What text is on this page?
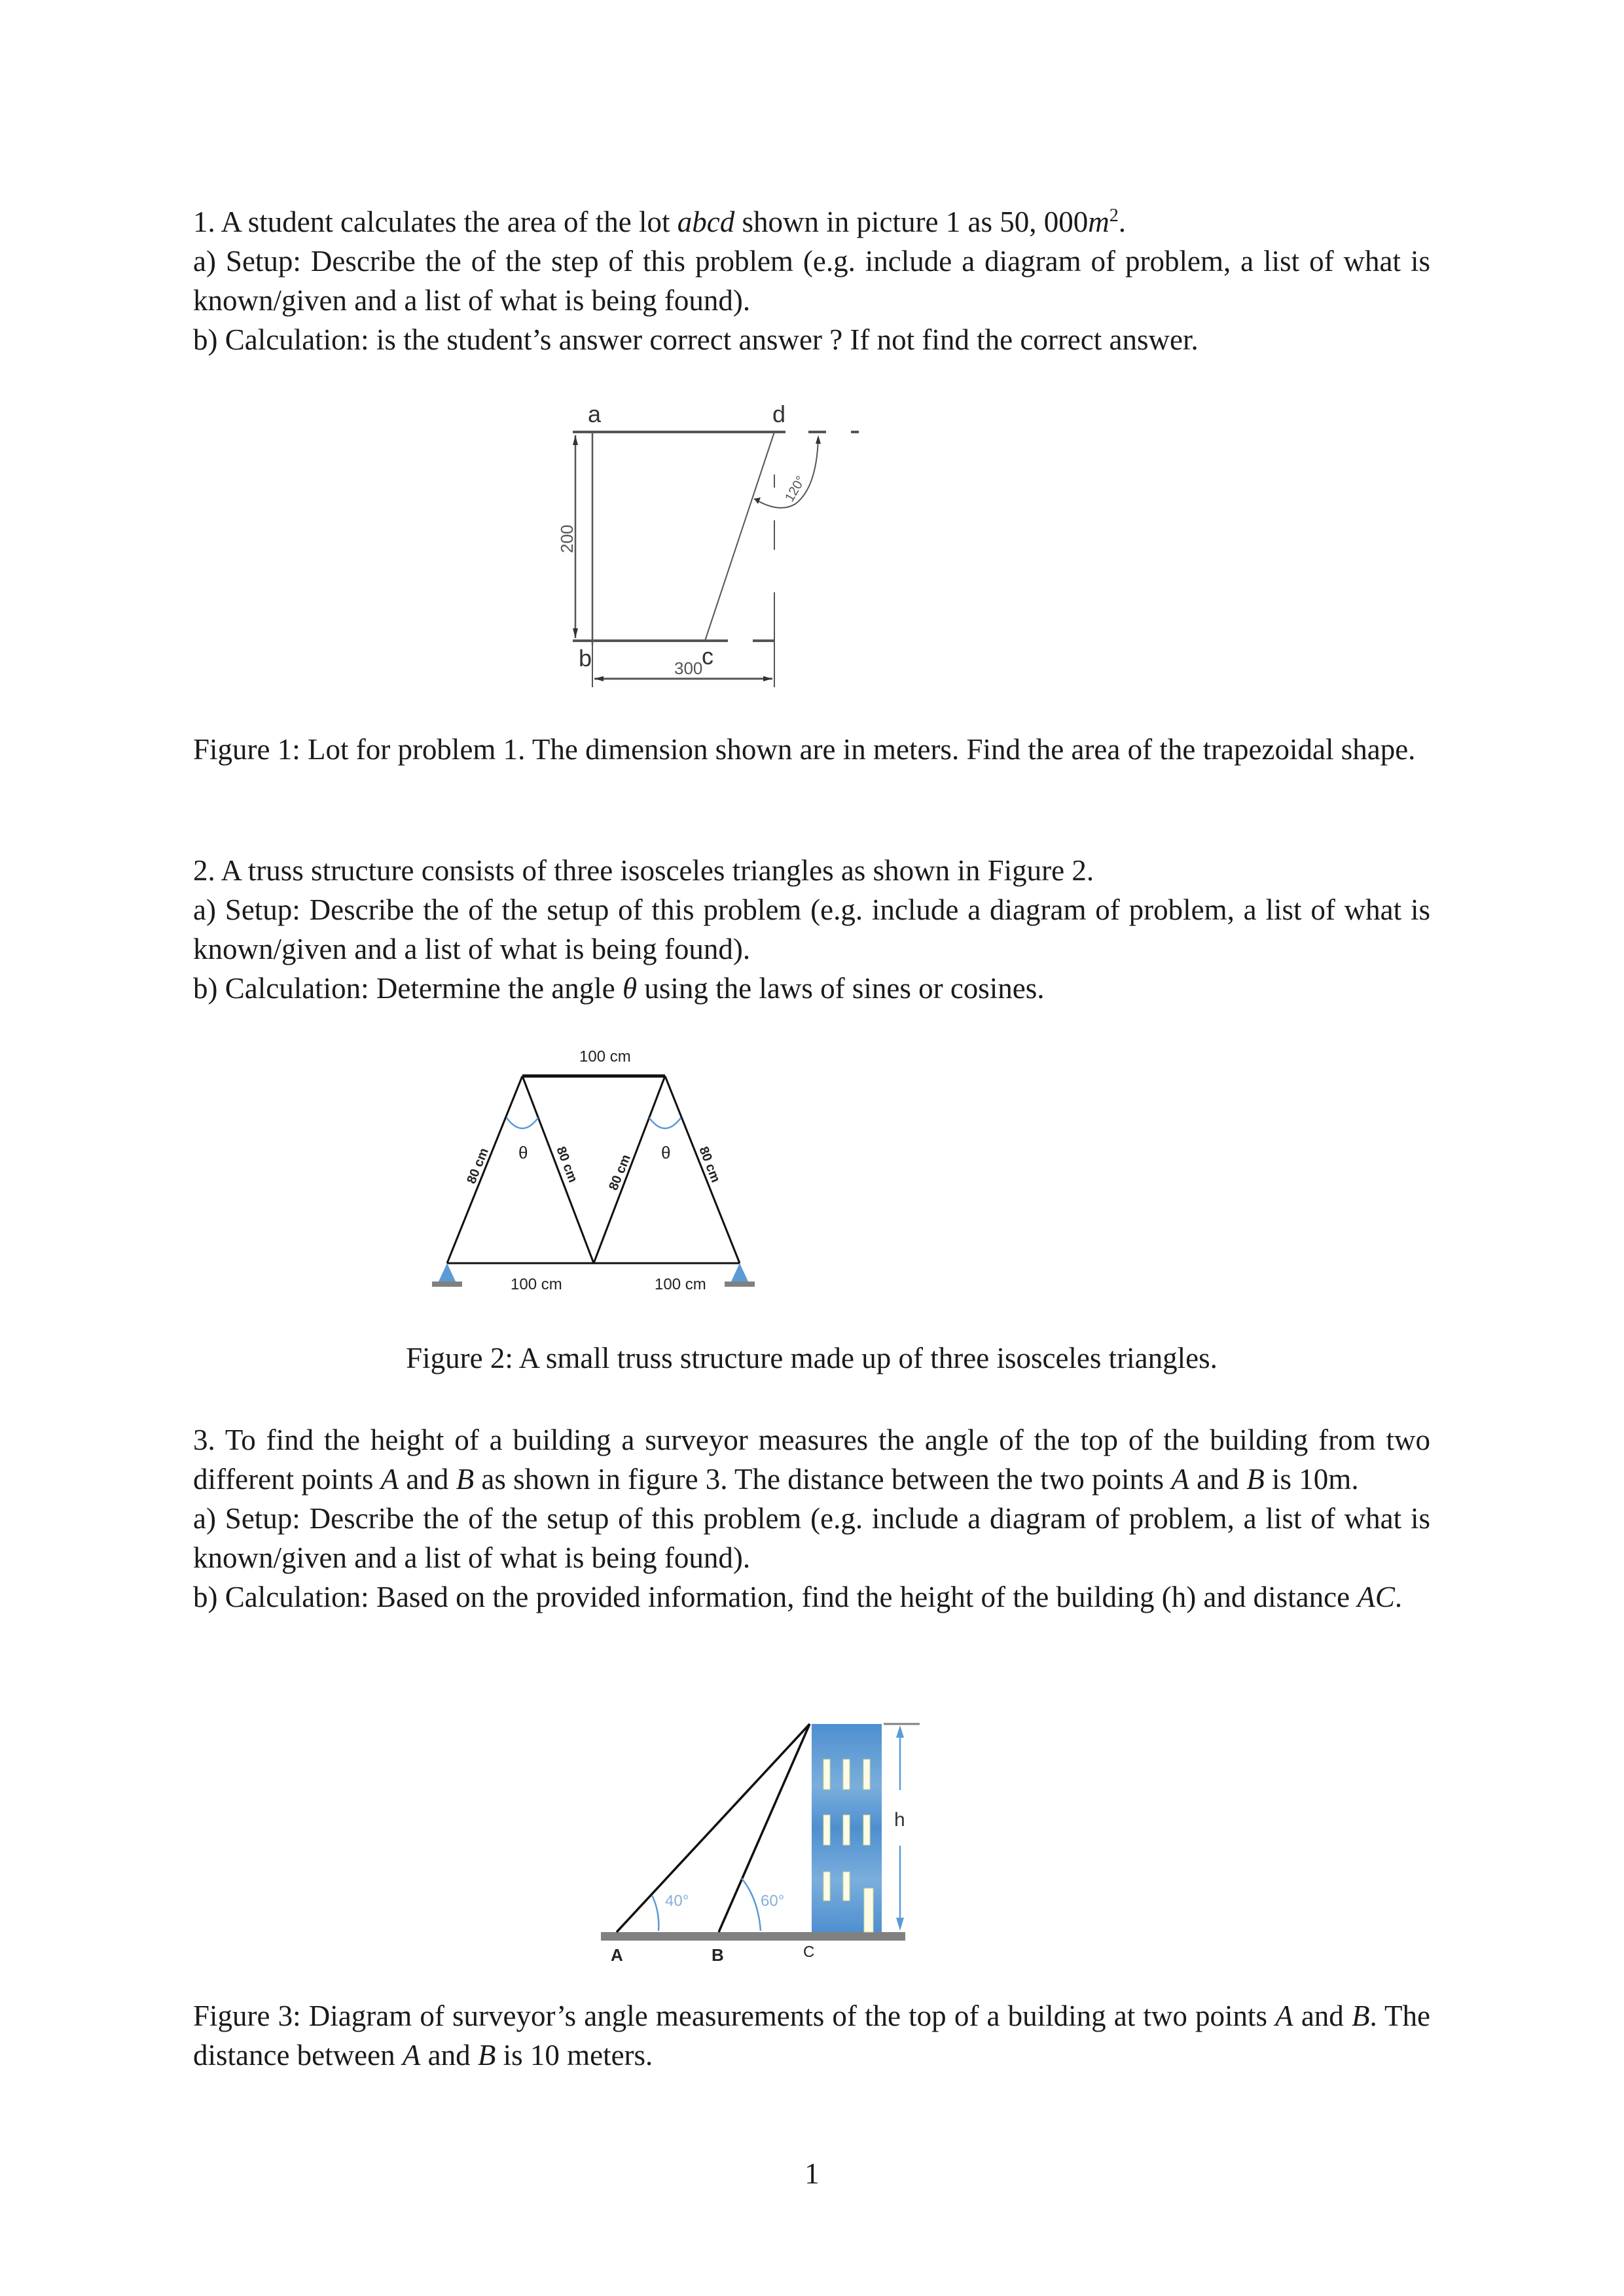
1. A student calculates the area of the lot abcd shown in picture 1 as 50, $000m^2$.

a) Setup: Describe the of the step of this problem (e.g. include a diagram of problem, a list of what is known/given and a list of what is being found).

b) Calculation: is the student’s answer correct answer ? If not find the correct answer.

a	d
b	c
300
200
120°
Figure 1: Lot for problem 1. The dimension shown are in meters. Find the area of the trapezoidal shape.

2. A truss structure consists of three isosceles triangles as shown in Figure 2.

a) Setup: Describe the of the setup of this problem (e.g. include a diagram of problem, a list of what is known/given and a list of what is being found).

b) Calculation: Determine the angle θ using the laws of sines or cosines.

100 cm
100 cm	100 cm
θ	θ
80 cm	80 cm 80 cm	80 cm
Figure 2: A small truss structure made up of three isosceles triangles.

3. To find the height of a building a surveyor measures the angle of the top of the building from two different points A and B as shown in figure 3. The distance between the two points A and B is 10m.

a) Setup: Describe the of the setup of this problem (e.g. include a diagram of problem, a list of what is known/given and a list of what is being found).

b) Calculation: Based on the provided information, find the height of the building (h) and distance AC.

h
40°	60°
A	B	C
Figure 3: Diagram of surveyor’s angle measurements of the top of a building at two points A and B. The distance between A and B is 10 meters.
1
